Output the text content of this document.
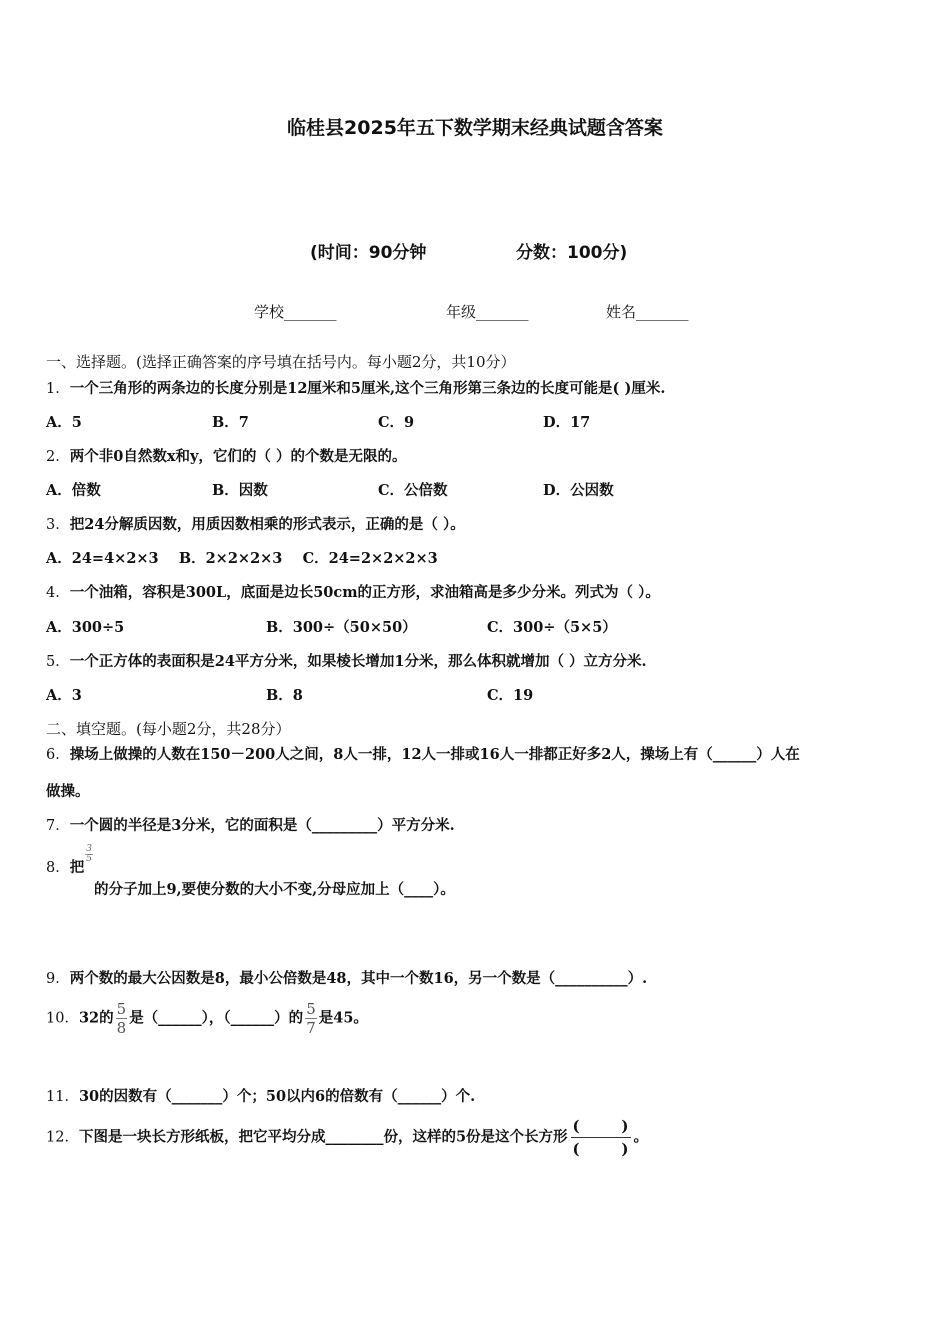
临桂县2025年五下数学期末经典试题含答案
(时间：90分钟	分数：100分)
学校_______	年级_______	姓名_______
一、选择题。(选择正确答案的序号填在括号内。每小题2分，共10分）
1．一个三角形的两条边的长度分别是12厘米和5厘米,这个三角形第三条边的长度可能是( )厘米.
A．5	B．7	C．9	D．17
2．两个非0自然数x和y，它们的（ ）的个数是无限的。
A．倍数	B．因数	C．公倍数	D．公因数
3．把24分解质因数，用质因数相乘的形式表示，正确的是（ ）。
A．24=4×2×3    B．2×2×2×3    C．24=2×2×2×3
4．一个油箱，容积是300L，底面是边长50cm的正方形，求油箱高是多少分米。列式为（ ）。
A．300÷5	B．300÷（50×50）	C．300÷（5×5）
5．一个正方体的表面积是24平方分米，如果棱长增加1分米，那么体积就增加（ ）立方分米.
A．3	B．8	C．19
二、填空题。(每小题2分，共28分）
6．操场上做操的人数在150－200人之间，8人一排，12人一排或16人一排都正好多2人，操场上有（______）人在
做操。
7．一个圆的半径是3分米，它的面积是（_________）平方分米.
8．把
$\frac{3}{5}$
的分子加上9,要使分数的大小不变,分母应加上（____）。
9．两个数的最大公因数是8，最小公倍数是48，其中一个数16，另一个数是（__________）.
10．32的 $\frac{5}{8}$ 是（______），（______）的 $\frac{5}{7}$ 是45。
11．30的因数有（_______）个；50以内6的倍数有（______）个.
12．下图是一块长方形纸板，把它平均分成________份，这样的5份是这个长方形
(        )
(        )
。
